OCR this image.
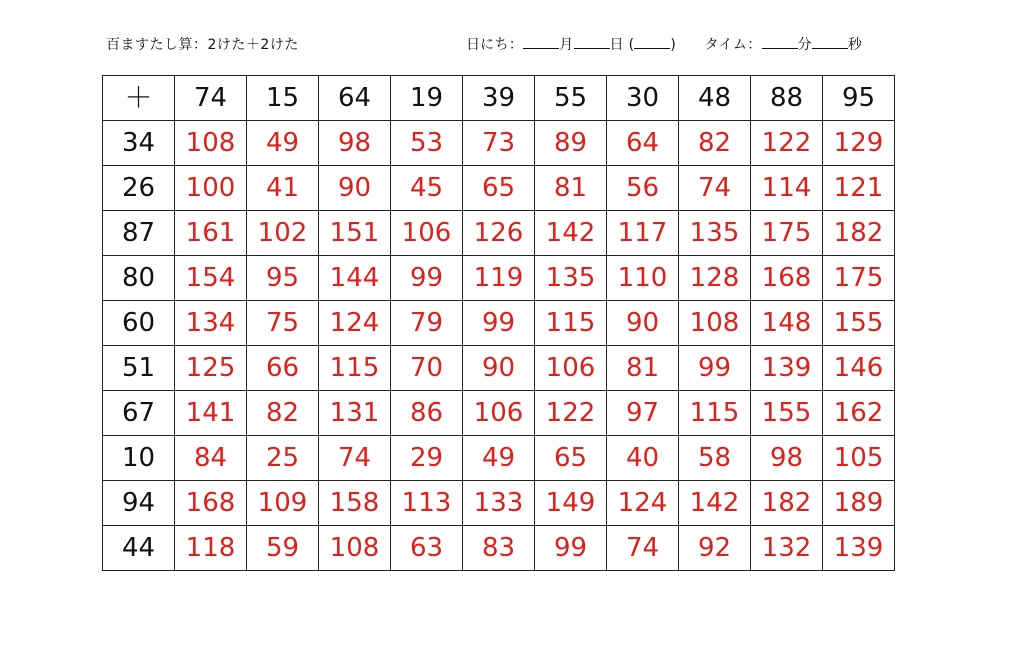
百ますたし算：2けた＋2けた	日にち：	月	日 (	) タイム：	分	秒
＋	74	15	64	19	39	55	30	48	88	95
34	108	49	98	53	73	89	64	82	122	129
26	100	41	90	45	65	81	56	74	114	121
87	161	102	151	106	126	142	117	135	175	182
80	154	95	144	99	119	135	110	128	168	175
60	134	75	124	79	99	115	90	108	148	155
51	125	66	115	70	90	106	81	99	139	146
67	141	82	131	86	106	122	97	115	155	162
10	84	25	74	29	49	65	40	58	98	105
94	168	109	158	113	133	149	124	142	182	189
44	118	59	108	63	83	99	74	92	132	139
